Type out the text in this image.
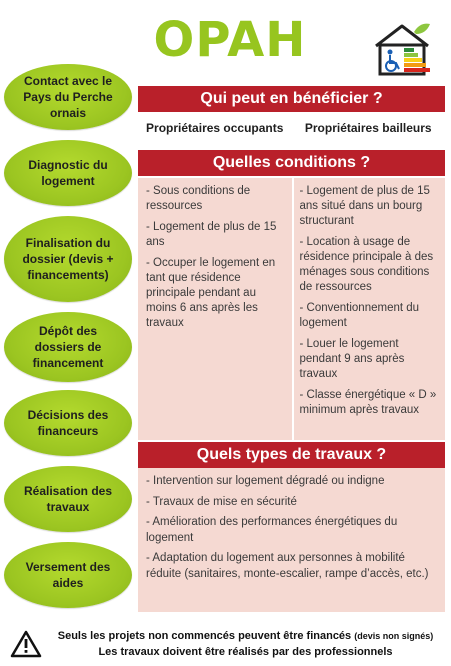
OPAH
Contact avec le Pays du Perche ornais
Diagnostic du logement
Finalisation du dossier (devis + financements)
Dépôt des dossiers de financement
Décisions des financeurs
Réalisation des travaux
Versement des aides
Qui peut en bénéficier ?
Propriétaires occupants	Propriétaires bailleurs
Quelles conditions ?

- Sous conditions de ressources

- Logement de plus de 15 ans

- Occuper le logement en tant que résidence principale pendant au moins 6 ans après les travaux

- Logement de plus de 15 ans situé dans un bourg structurant

- Location à usage de résidence principale à des ménages sous conditions de ressources

- Conventionnement du logement

- Louer le logement pendant 9 ans après travaux

- Classe énergétique « D » minimum après travaux

Quels types de travaux ?

- Intervention sur logement dégradé ou indigne

- Travaux de mise en sécurité

- Amélioration des performances énergétiques du logement

- Adaptation du logement aux personnes à mobilité réduite (sanitaires, monte-escalier, rampe d’accès, etc.)

Seuls les projets non commencés peuvent être financés (devis non signés)
Les travaux doivent être réalisés par des professionnels
